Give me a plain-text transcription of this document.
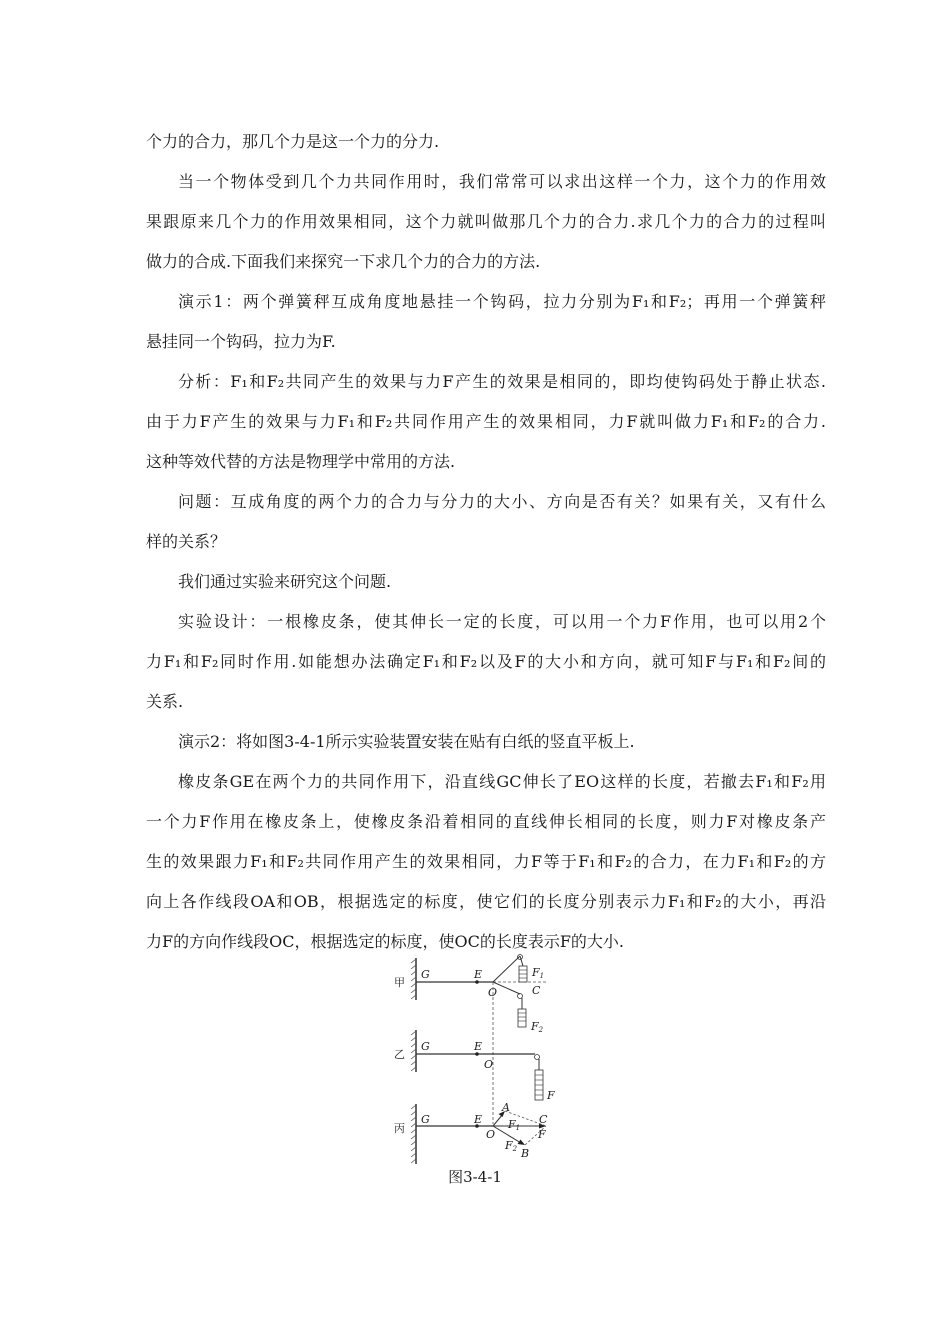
个力的合力，那几个力是这一个力的分力.
当一个物体受到几个力共同作用时，我们常常可以求出这样一个力，这个力的作用效
果跟原来几个力的作用效果相同，这个力就叫做那几个力的合力.求几个力的合力的过程叫
做力的合成.下面我们来探究一下求几个力的合力的方法.
演示1：两个弹簧秤互成角度地悬挂一个钩码，拉力分别为F₁和F₂；再用一个弹簧秤
悬挂同一个钩码，拉力为F.
分析：F₁和F₂共同产生的效果与力F产生的效果是相同的，即均使钩码处于静止状态.
由于力F产生的效果与力F₁和F₂共同作用产生的效果相同，力F就叫做力F₁和F₂的合力.
这种等效代替的方法是物理学中常用的方法.
问题：互成角度的两个力的合力与分力的大小、方向是否有关？如果有关，又有什么
样的关系？
我们通过实验来研究这个问题.
实验设计：一根橡皮条，使其伸长一定的长度，可以用一个力F作用，也可以用2个
力F₁和F₂同时作用.如能想办法确定F₁和F₂以及F的大小和方向，就可知F与F₁和F₂间的
关系.
演示2：将如图3-4-1所示实验装置安装在贴有白纸的竖直平板上.
橡皮条GE在两个力的共同作用下，沿直线GC伸长了EO这样的长度，若撤去F₁和F₂用
一个力F作用在橡皮条上，使橡皮条沿着相同的直线伸长相同的长度，则力F对橡皮条产
生的效果跟力F₁和F₂共同作用产生的效果相同，力F等于F₁和F₂的合力，在力F₁和F₂的方
向上各作线段OA和OB，根据选定的标度，使它们的长度分别表示力F₁和F₂的大小，再沿
力F的方向作线段OC，根据选定的标度，使OC的长度表示F的大小.
甲
G	E
O	C
F1
F2
乙
G	E
O
F
丙
G	E
O
C
F
A
F1
B
F2
图3-4-1
